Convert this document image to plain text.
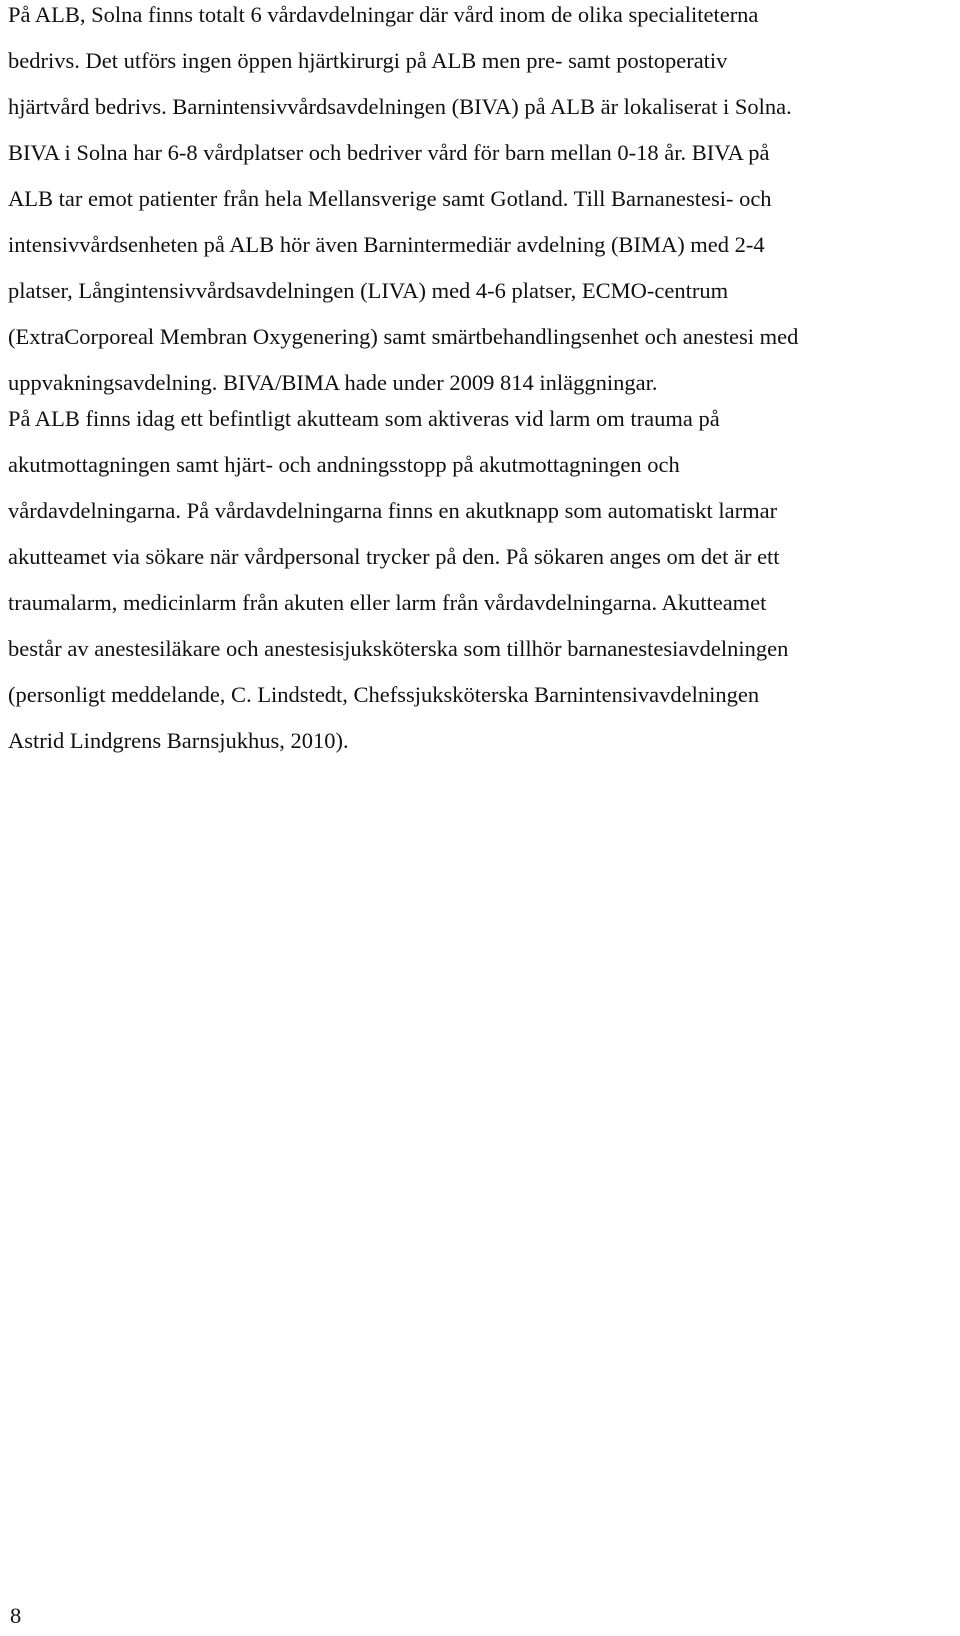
På ALB, Solna finns totalt 6 vårdavdelningar där vård inom de olika specialiteterna
bedrivs. Det utförs ingen öppen hjärtkirurgi på ALB men pre- samt postoperativ
hjärtvård bedrivs. Barnintensivvårdsavdelningen (BIVA) på ALB är lokaliserat i Solna.
BIVA i Solna har 6-8 vårdplatser och bedriver vård för barn mellan 0-18 år. BIVA på
ALB tar emot patienter från hela Mellansverige samt Gotland. Till Barnanestesi- och
intensivvårdsenheten på ALB hör även Barnintermediär avdelning (BIMA) med 2-4
platser, Långintensivvårdsavdelningen (LIVA) med 4-6 platser, ECMO-centrum
(ExtraCorporeal Membran Oxygenering) samt smärtbehandlingsenhet och anestesi med
uppvakningsavdelning. BIVA/BIMA hade under 2009 814 inläggningar.
På ALB finns idag ett befintligt akutteam som aktiveras vid larm om trauma på
akutmottagningen samt hjärt- och andningsstopp på akutmottagningen och
vårdavdelningarna. På vårdavdelningarna finns en akutknapp som automatiskt larmar
akutteamet via sökare när vårdpersonal trycker på den. På sökaren anges om det är ett
traumalarm, medicinlarm från akuten eller larm från vårdavdelningarna. Akutteamet
består av anestesiläkare och anestesisjuksköterska som tillhör barnanestesiavdelningen
(personligt meddelande, C. Lindstedt, Chefssjuksköterska Barnintensivavdelningen
Astrid Lindgrens Barnsjukhus, 2010).
8
